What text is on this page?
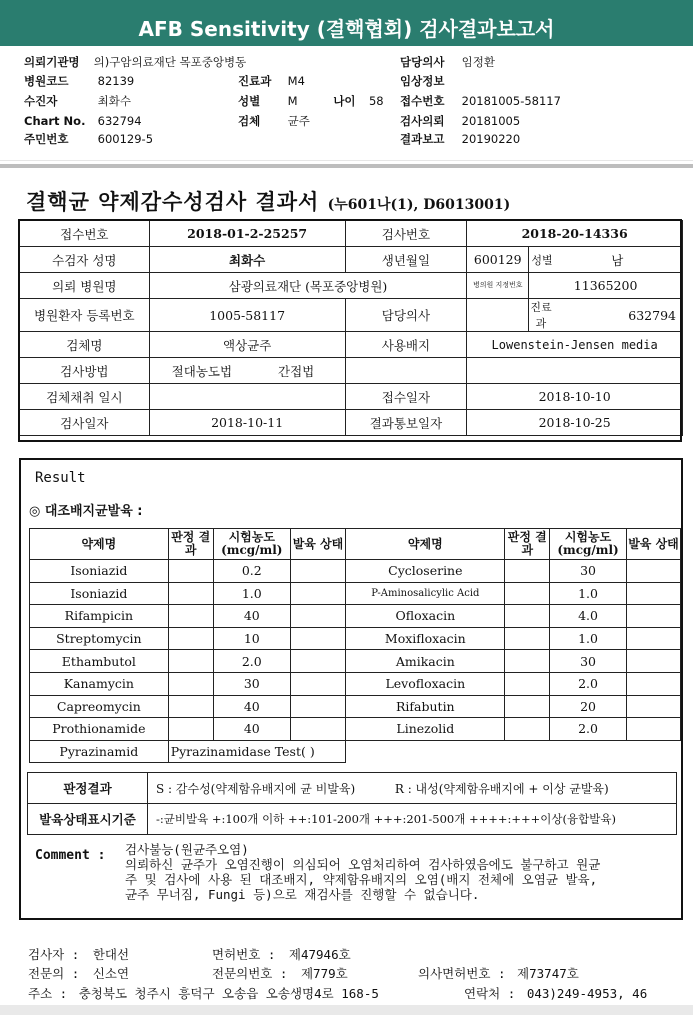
AFB Sensitivity (결핵협회) 검사결과보고서
의뢰기관명 의)구암의료재단 목포중앙병동
병원코드	82139
수진자	최화수
Chart No. 632794
주민번호	600129-5
진료과 M4
성별 M	나이 58
검체 균주
담당의사 임정환
임상정보
접수번호 20181005-58117
검사의뢰 20181005
결과보고 20190220
결핵균 약제감수성검사 결과서 (누601나(1), D6013001)
접수번호	2018-01-2-25257	검사번호	2018-20-14336		
수검자 성명	최화수	생년월일	600129	성별	남
의뢰 병원명	삼광의료재단 (목포중앙병원)		병의원 지정번호	11365200	
병원환자 등록번호	1005-58117	담당의사		진료과	632794
검체명	액상균주	사용배지	Lowenstein-Jensen media		
검사방법	절대농도법 간접법				
검체채취 일시		접수일자	2018-10-10		
검사일자	2018-10-11	결과통보일자	2018-10-25		
Result
◎ 대조배지균발육 :
약제명	판정 결과	시험농도 (mcg/ml)	발육 상태	약제명	판정 결과	시험농도 (mcg/ml)	발육 상태
Isoniazid		0.2		Cycloserine		30	
Isoniazid		1.0		P-Aminosalicylic Acid		1.0	
Rifampicin		40		Ofloxacin		4.0	
Streptomycin		10		Moxifloxacin		1.0	
Ethambutol		2.0		Amikacin		30	
Kanamycin		30		Levofloxacin		2.0	
Capreomycin		40		Rifabutin		20	
Prothionamide		40		Linezolid		2.0	
Pyrazinamid	Pyrazinamidase Test( )						
판정결과	S : 감수성(약제함유배지에 균 비발육) R : 내성(약제함유배지에 + 이상 균발육)
발육상태표시기준	-:균비발육 +:100개 이하 ++:101-200개 +++:201-500개 ++++:+++이상(융합발육)
Comment : 검사불능(원균주오염)
의뢰하신 균주가 오염진행이 의심되어 오염처리하여 검사하였음에도 불구하고 원균
주 및 검사에 사용 된 대조배지, 약제함유배지의 오염(배지 전체에 오염균 발육,
균주 무너짐, Fungi 등)으로 재검사를 진행할 수 없습니다.
검사자 : 한대선	면허번호 : 제47946호
전문의 : 신소연	전문의번호 : 제779호	의사면허번호 : 제73747호
주소 : 충청북도 청주시 흥덕구 오송읍 오송생명4로 168-5	연락처 : 043)249-4953, 46
